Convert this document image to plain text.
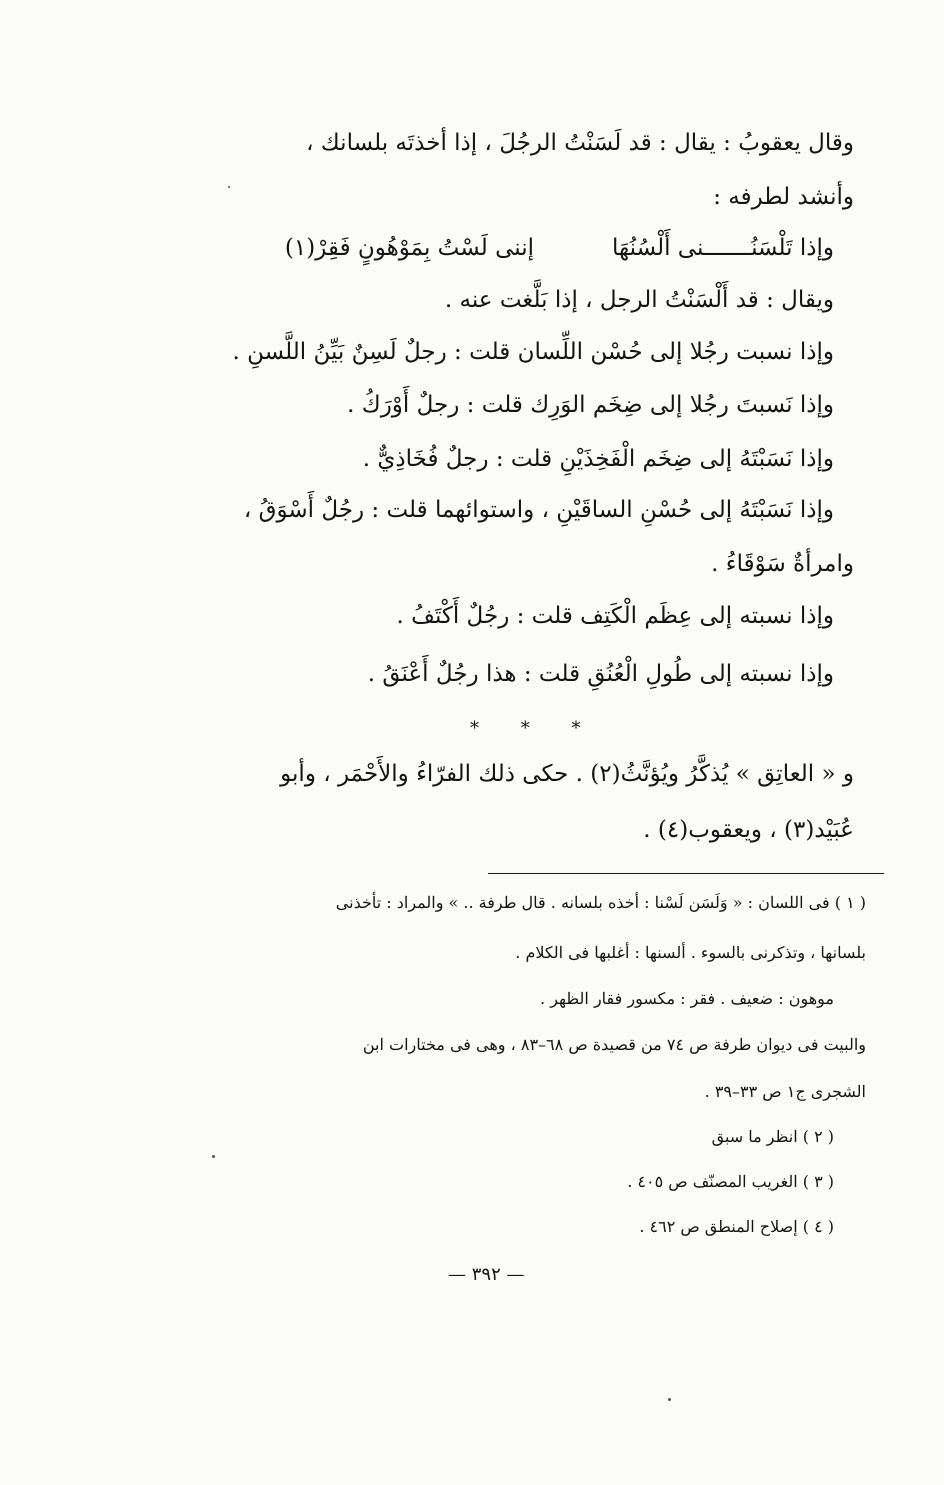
وقال يعقوبُ : يقال : قد لَسَنْتُ الرجُلَ ، إذا أخذتَه بلسانك ،
وأنشد لطرفه :
وإذا تَلْسَنُـــــــنى أَلْسُنُهَا
إننى لَسْتُ بِمَوْهُونٍ فَقِرْ(١)
ويقال : قد أَلْسَنْتُ الرجل ، إذا بَلَّغت عنه .
وإذا نسبت رجُلا إلى حُسْن اللِّسان قلت : رجلٌ لَسِنٌ بَيِّنُ اللَّسنِ .
وإذا نَسبتَ رجُلا إلى ضِخَم الوَرِك قلت : رجلٌ أَوْرَكُ .
وإذا نَسَبْتَهُ إلى ضِخَم الْفَخِذَيْنِ قلت : رجلٌ فُخَاذِيٌّ .
وإذا نَسَبْتَهُ إلى حُسْنِ الساقَيْنِ ، واستوائهما قلت : رجُلٌ أَسْوَقُ ،
وامرأةٌ سَوْقَاءُ .
وإذا نسبته إلى عِظَم الْكَتِف قلت : رجُلٌ أَكْتَفُ .
وإذا نسبته إلى طُولِ الْعُنُقِ قلت : هذا رجُلٌ أَعْنَقُ .
* * *
و « العاتِق » يُذكَّرُ ويُؤنَّثُ(٢) . حكى ذلك الفرّاءُ والأَحْمَر ، وأبو
عُبَيْد(٣) ، ويعقوب(٤) .
( ١ ) فى اللسان : « وَلَسَن لَسْنا : أخذه بلسانه . قال طرفة .. » والمراد : تأخذنى
بلسانها ، وتذكرنى بالسوء . ألسنها : أغلبها فى الكلام .
موهون : ضعيف . فقر : مكسور فقار الظهر .
والبيت فى ديوان طرفة ص ٧٤ من قصيدة ص ٦٨–٨٣ ، وهى فى مختارات ابن
الشجرى ج١ ص ٣٣–٣٩ .
( ٢ ) انظر ما سبق
( ٣ ) الغريب المصنّف ص ٤٠٥ .
( ٤ ) إصلاح المنطق ص ٤٦٢ .
— ٣٩٢ —
